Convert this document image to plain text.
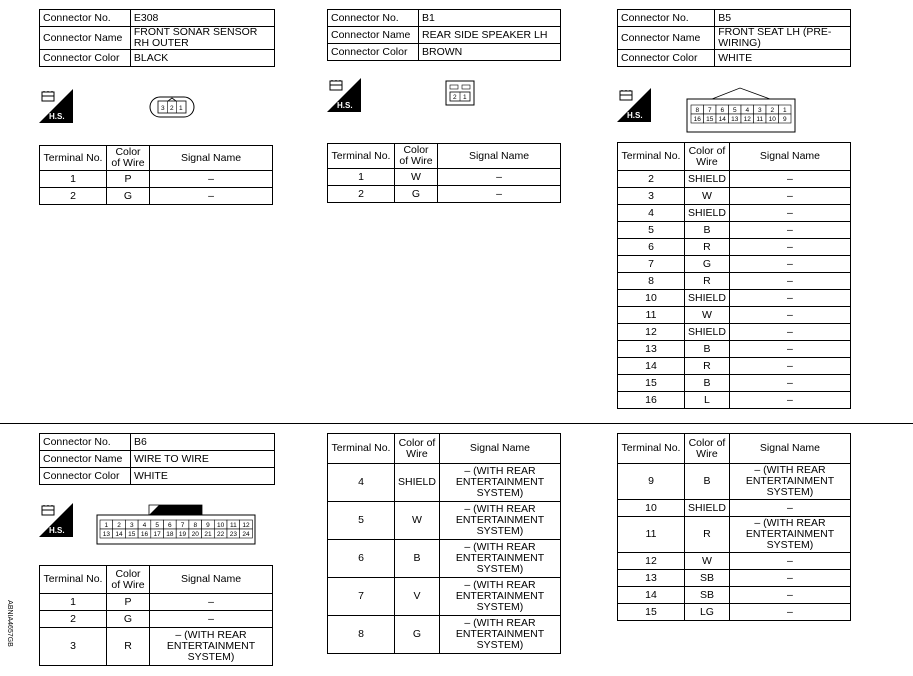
Connector No.	E308
Connector Name	FRONT SONAR SENSOR RH OUTER
Connector Color	BLACK
H.S.
3 2 1
Terminal No.	Color of Wire	Signal Name
1	P	–
2	G	–
Connector No.	B1
Connector Name	REAR SIDE SPEAKER LH
Connector Color	BROWN
H.S.
2 1
Terminal No.	Color of Wire	Signal Name
1	W	–
2	G	–
Connector No.	B5
Connector Name	FRONT SEAT LH (PRE-WIRING)
Connector Color	WHITE
H.S.
8 7 6 5 4 3 2 1
16 15 14 13 12 11 10 9
Terminal No.	Color of Wire	Signal Name
2	SHIELD	–
3	W	–
4	SHIELD	–
5	B	–
6	R	–
7	G	–
8	R	–
10	SHIELD	–
11	W	–
12	SHIELD	–
13	B	–
14	R	–
15	B	–
16	L	–
Connector No.	B6
Connector Name	WIRE TO WIRE
Connector Color	WHITE
H.S.
1 2 3 4 5 6 7 8 9 10 11 12
13 14 15 16 17 18 19 20 21 22 23 24
Terminal No.	Color of Wire	Signal Name
1	P	–
2	G	–
3	R	– (WITH REAR ENTERTAINMENT SYSTEM)
Terminal No.	Color of Wire	Signal Name
4	SHIELD	– (WITH REAR ENTERTAINMENT SYSTEM)
5	W	– (WITH REAR ENTERTAINMENT SYSTEM)
6	B	– (WITH REAR ENTERTAINMENT SYSTEM)
7	V	– (WITH REAR ENTERTAINMENT SYSTEM)
8	G	– (WITH REAR ENTERTAINMENT SYSTEM)
Terminal No.	Color of Wire	Signal Name
9	B	– (WITH REAR ENTERTAINMENT SYSTEM)
10	SHIELD	–
11	R	– (WITH REAR ENTERTAINMENT SYSTEM)
12	W	–
13	SB	–
14	SB	–
15	LG	–
ABNIA4657GB
